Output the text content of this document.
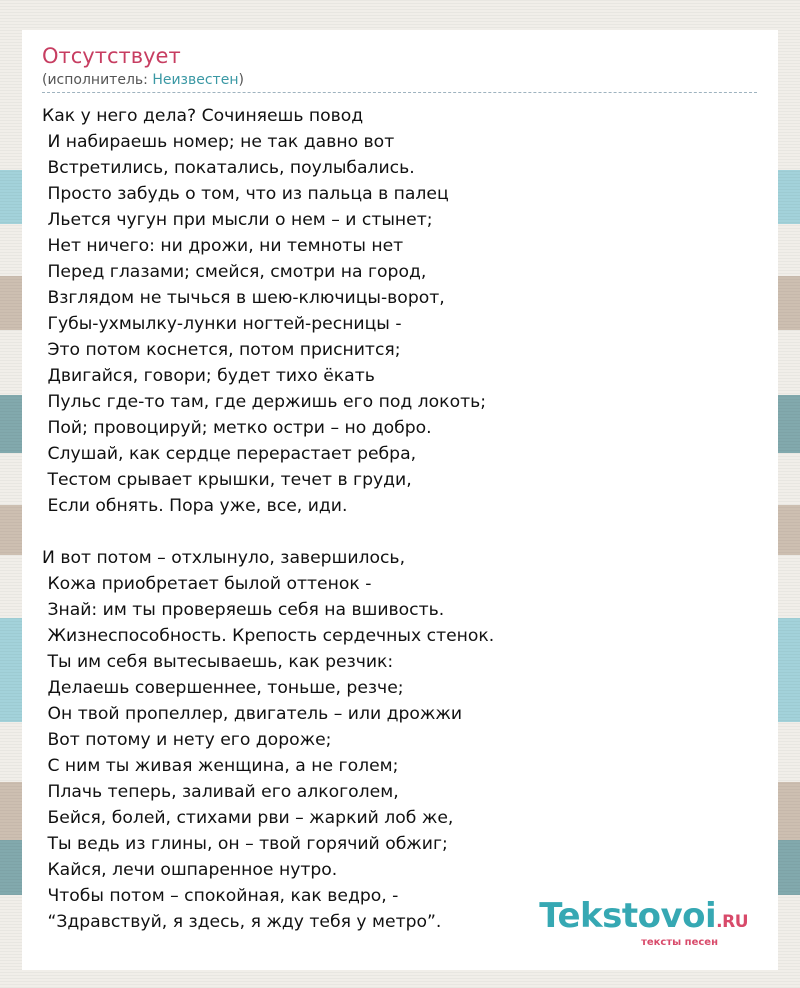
Отсутствует
(исполнитель: Неизвестен)
Как у него дела? Сочиняешь повод
И набираешь номер; не так давно вот
Встретились, покатались, поулыбались.
Просто забудь о том, что из пальца в палец
Льется чугун при мысли о нем – и стынет;
Нет ничего: ни дрожи, ни темноты нет
Перед глазами; смейся, смотри на город,
Взглядом не тычься в шею-ключицы-ворот,
Губы-ухмылку-лунки ногтей-ресницы -
Это потом коснется, потом приснится;
Двигайся, говори; будет тихо ёкать
Пульс где-то там, где держишь его под локоть;
Пой; провоцируй; метко остри – но добро.
Слушай, как сердце перерастает ребра,
Тестом срывает крышки, течет в груди,
Если обнять. Пора уже, все, иди.
И вот потом – отхлынуло, завершилось,
Кожа приобретает былой оттенок -
Знай: им ты проверяешь себя на вшивость.
Жизнеспособность. Крепость сердечных стенок.
Ты им себя вытесываешь, как резчик:
Делаешь совершеннее, тоньше, резче;
Он твой пропеллер, двигатель – или дрожжи
Вот потому и нету его дороже;
С ним ты живая женщина, а не голем;
Плачь теперь, заливай его алкоголем,
Бейся, болей, стихами рви – жаркий лоб же,
Ты ведь из глины, он – твой горячий обжиг;
Кайся, лечи ошпаренное нутро.
Чтобы потом – спокойная, как ведро, -
“Здравствуй, я здесь, я жду тебя у метро”.	Tekstovoi.RU
тексты песен
